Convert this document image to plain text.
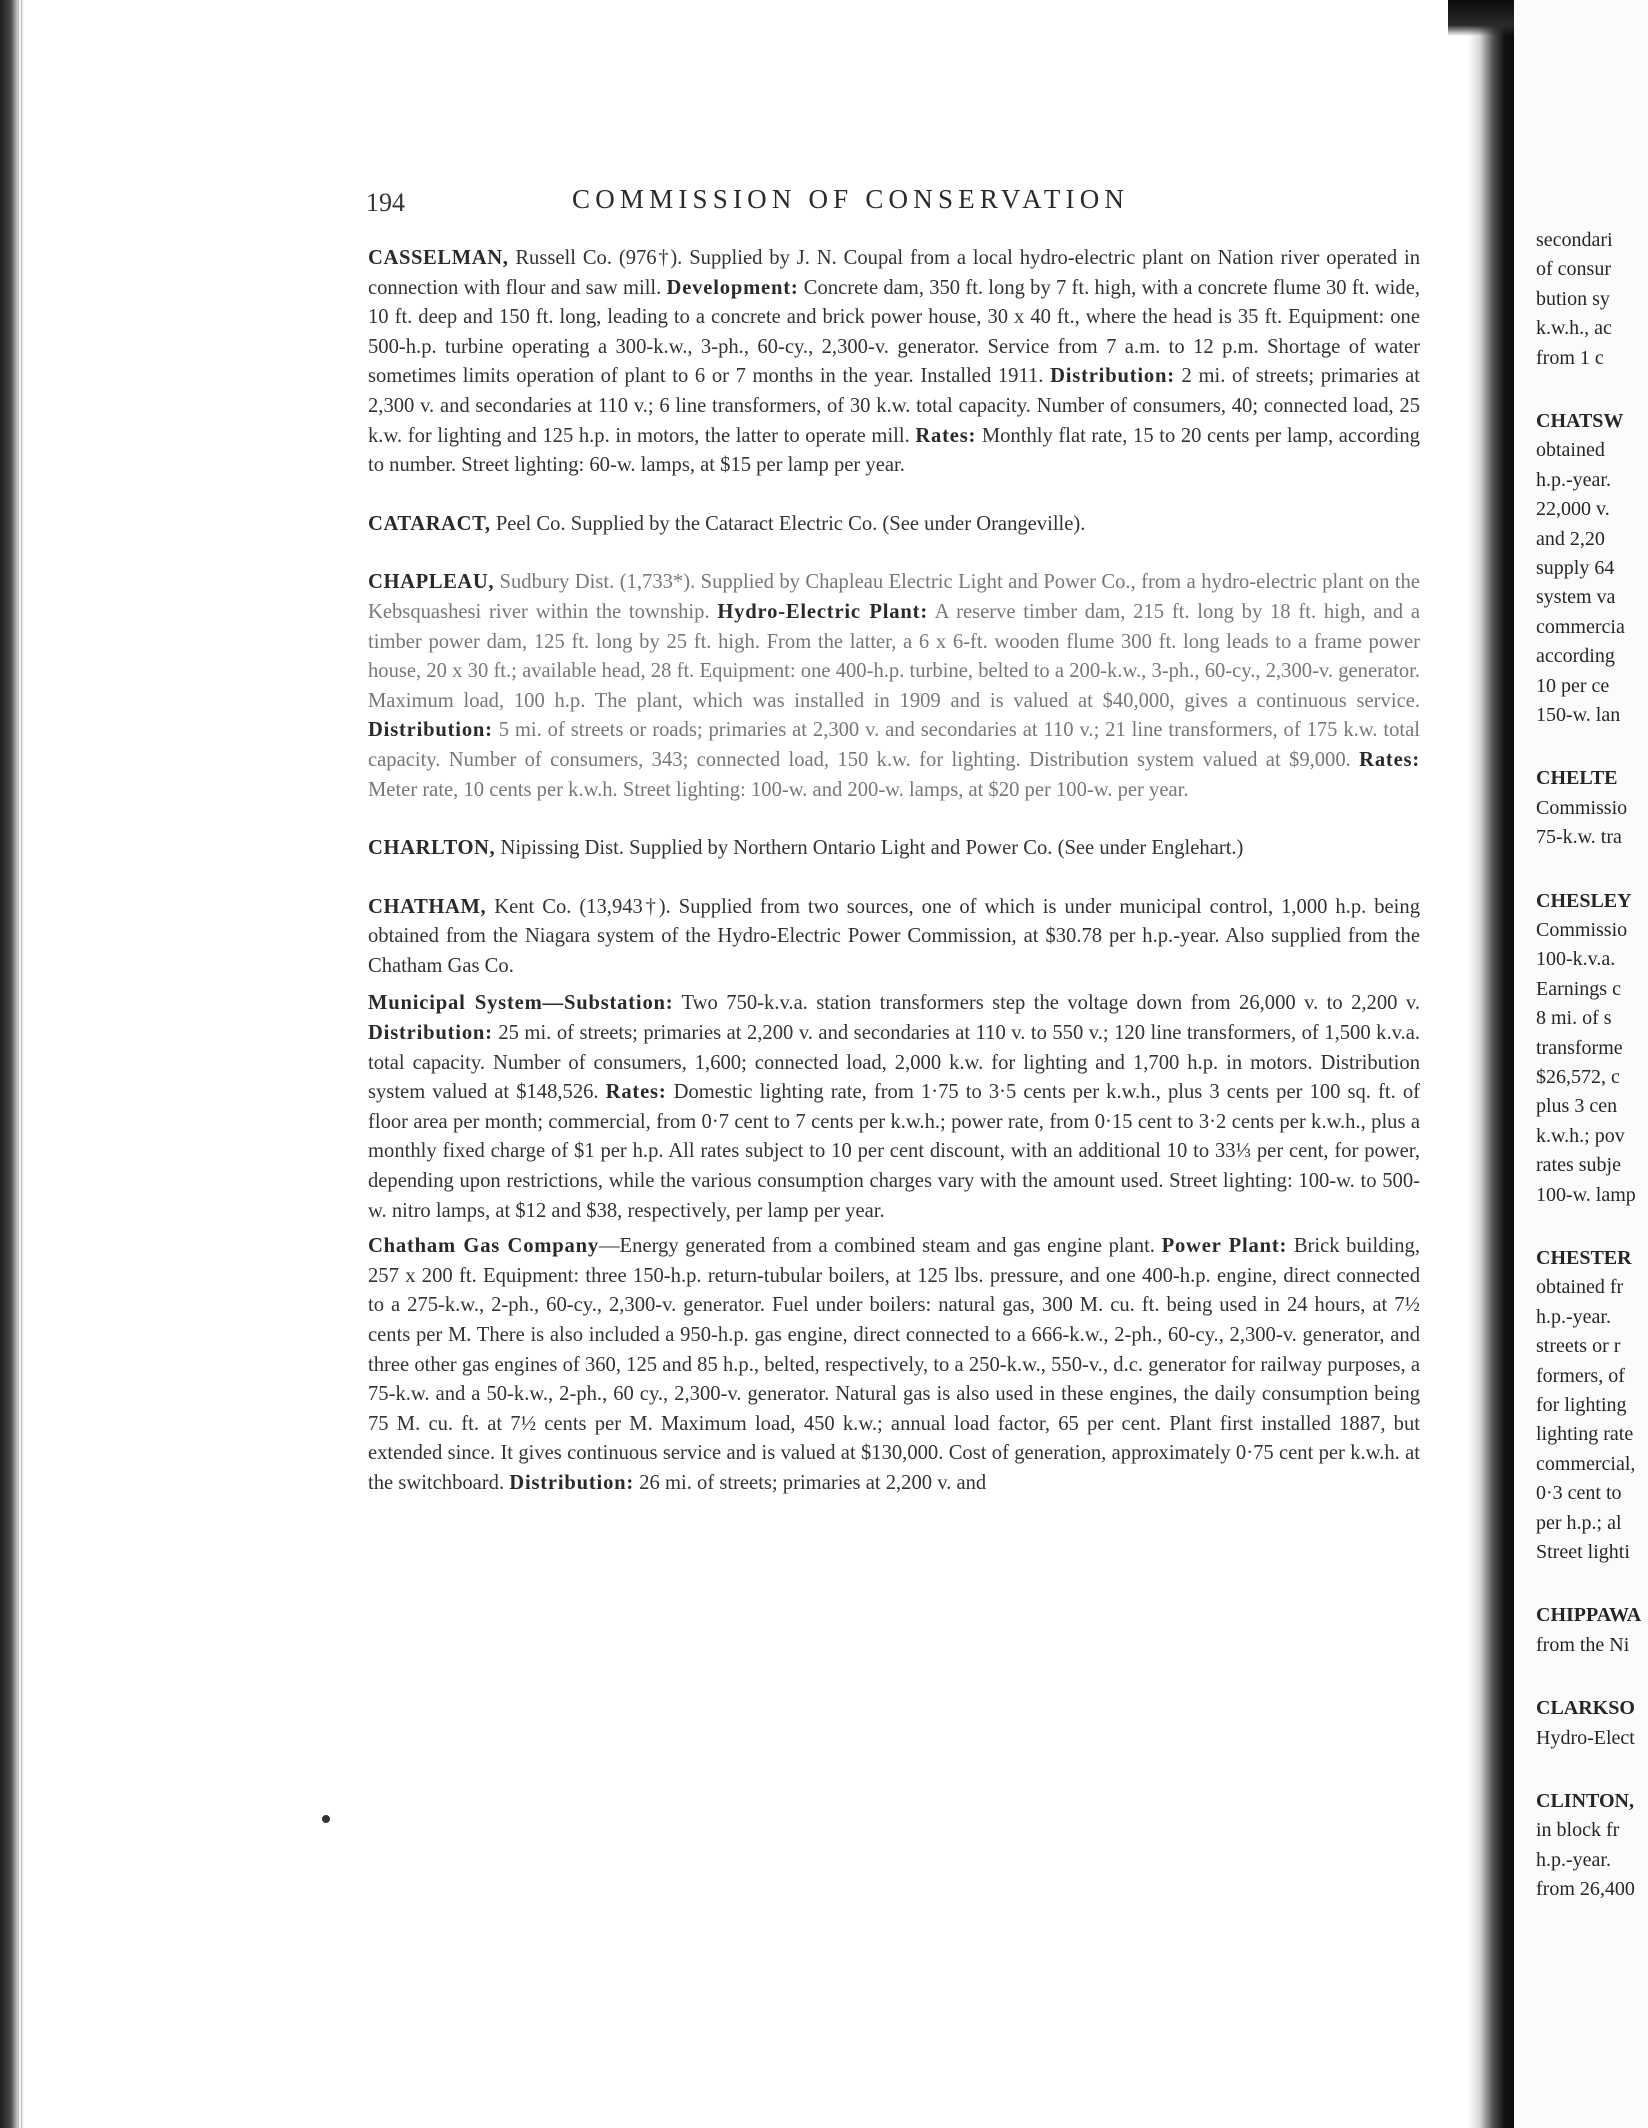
194	COMMISSION OF CONSERVATION

CASSELMAN, Russell Co. (976†). Supplied by J. N. Coupal from a local hydro-electric plant on Nation river operated in connection with flour and saw mill. Development: Concrete dam, 350 ft. long by 7 ft. high, with a concrete flume 30 ft. wide, 10 ft. deep and 150 ft. long, leading to a concrete and brick power house, 30 x 40 ft., where the head is 35 ft. Equipment: one 500-h.p. turbine operating a 300-k.w., 3-ph., 60-cy., 2,300-v. generator. Service from 7 a.m. to 12 p.m. Shortage of water sometimes limits operation of plant to 6 or 7 months in the year. Installed 1911. Distribution: 2 mi. of streets; primaries at 2,300 v. and secondaries at 110 v.; 6 line transformers, of 30 k.w. total capacity. Number of consumers, 40; connected load, 25 k.w. for lighting and 125 h.p. in motors, the latter to operate mill. Rates: Monthly flat rate, 15 to 20 cents per lamp, according to number. Street lighting: 60-w. lamps, at $15 per lamp per year.

CATARACT, Peel Co. Supplied by the Cataract Electric Co. (See under Orangeville).

CHAPLEAU, Sudbury Dist. (1,733*). Supplied by Chapleau Electric Light and Power Co., from a hydro-electric plant on the Kebsquashesi river within the township. Hydro-Electric Plant: A reserve timber dam, 215 ft. long by 18 ft. high, and a timber power dam, 125 ft. long by 25 ft. high. From the latter, a 6 x 6-ft. wooden flume 300 ft. long leads to a frame power house, 20 x 30 ft.; available head, 28 ft. Equipment: one 400-h.p. turbine, belted to a 200-k.w., 3-ph., 60-cy., 2,300-v. generator. Maximum load, 100 h.p. The plant, which was installed in 1909 and is valued at $40,000, gives a continuous service. Distribution: 5 mi. of streets or roads; primaries at 2,300 v. and secondaries at 110 v.; 21 line transformers, of 175 k.w. total capacity. Number of consumers, 343; connected load, 150 k.w. for lighting. Distribution system valued at $9,000. Rates: Meter rate, 10 cents per k.w.h. Street lighting: 100-w. and 200-w. lamps, at $20 per 100-w. per year.

CHARLTON, Nipissing Dist. Supplied by Northern Ontario Light and Power Co. (See under Englehart.)

CHATHAM, Kent Co. (13,943†). Supplied from two sources, one of which is under municipal control, 1,000 h.p. being obtained from the Niagara system of the Hydro-Electric Power Commission, at $30.78 per h.p.-year. Also supplied from the Chatham Gas Co.

Municipal System—Substation: Two 750-k.v.a. station transformers step the voltage down from 26,000 v. to 2,200 v. Distribution: 25 mi. of streets; primaries at 2,200 v. and secondaries at 110 v. to 550 v.; 120 line transformers, of 1,500 k.v.a. total capacity. Number of consumers, 1,600; connected load, 2,000 k.w. for lighting and 1,700 h.p. in motors. Distribution system valued at $148,526. Rates: Domestic lighting rate, from 1·75 to 3·5 cents per k.w.h., plus 3 cents per 100 sq. ft. of floor area per month; commercial, from 0·7 cent to 7 cents per k.w.h.; power rate, from 0·15 cent to 3·2 cents per k.w.h., plus a monthly fixed charge of $1 per h.p. All rates subject to 10 per cent discount, with an additional 10 to 33⅓ per cent, for power, depending upon restrictions, while the various consumption charges vary with the amount used. Street lighting: 100-w. to 500-w. nitro lamps, at $12 and $38, respectively, per lamp per year.

Chatham Gas Company—Energy generated from a combined steam and gas engine plant. Power Plant: Brick building, 257 x 200 ft. Equipment: three 150-h.p. return-tubular boilers, at 125 lbs. pressure, and one 400-h.p. engine, direct connected to a 275-k.w., 2-ph., 60-cy., 2,300-v. generator. Fuel under boilers: natural gas, 300 M. cu. ft. being used in 24 hours, at 7½ cents per M. There is also included a 950-h.p. gas engine, direct connected to a 666-k.w., 2-ph., 60-cy., 2,300-v. generator, and three other gas engines of 360, 125 and 85 h.p., belted, respectively, to a 250-k.w., 550-v., d.c. generator for railway purposes, a 75-k.w. and a 50-k.w., 2-ph., 60 cy., 2,300-v. generator. Natural gas is also used in these engines, the daily consumption being 75 M. cu. ft. at 7½ cents per M. Maximum load, 450 k.w.; annual load factor, 65 per cent. Plant first installed 1887, but extended since. It gives continuous service and is valued at $130,000. Cost of generation, approximately 0·75 cent per k.w.h. at the switchboard. Distribution: 26 mi. of streets; primaries at 2,200 v. and

secondari
of consur
bution sy
k.w.h., ac
from 1 c
CHATSW
obtained
h.p.-year.
22,000 v.
and 2,20
supply 64
system va
commercia
according
10 per ce
150-w. lan
CHELTE
Commissio
75-k.w. tra
CHESLEY
Commissio
100-k.v.a.
Earnings c
8 mi. of s
transforme
$26,572, c
plus 3 cen
k.w.h.; pov
rates subje
100-w. lamp
CHESTER
obtained fr
h.p.-year.
streets or r
formers, of
for lighting
lighting rate
commercial,
0·3 cent to
per h.p.; al
Street lighti
CHIPPAWA
from the Ni
CLARKSO
Hydro-Elect
CLINTON,
in block fr
h.p.-year.
from 26,400
